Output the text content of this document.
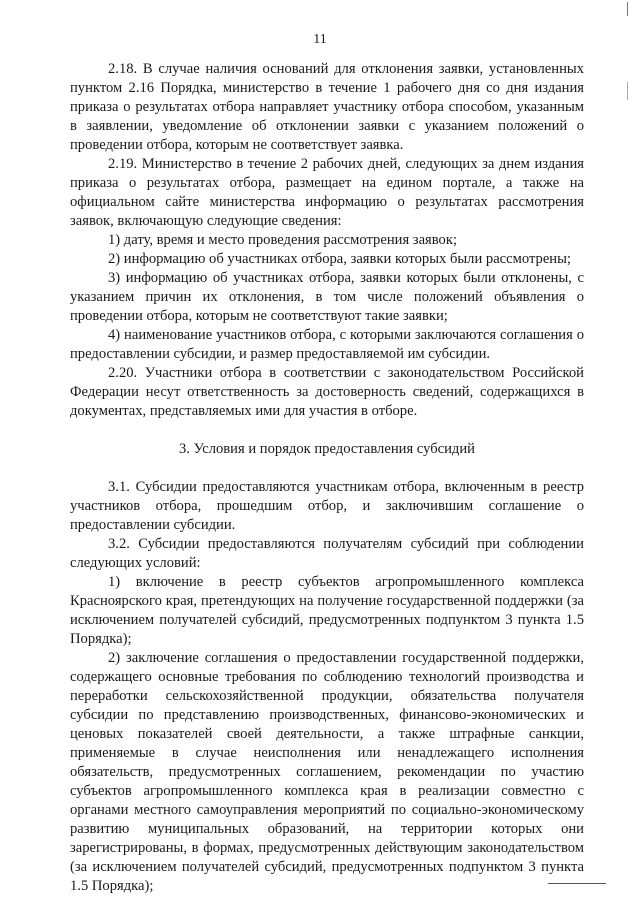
11

2.18. В случае наличия оснований для отклонения заявки, установленных пунктом 2.16 Порядка, министерство в течение 1 рабочего дня со дня издания приказа о результатах отбора направляет участнику отбора способом, указанным в заявлении, уведомление об отклонении заявки с указанием положений о проведении отбора, которым не соответствует заявка.

2.19. Министерство в течение 2 рабочих дней, следующих за днем издания приказа о результатах отбора, размещает на едином портале, а также на официальном сайте министерства информацию о результатах рассмотрения заявок, включающую следующие сведения:

1) дату, время и место проведения рассмотрения заявок;

2) информацию об участниках отбора, заявки которых были рассмотрены;

3) информацию об участниках отбора, заявки которых были отклонены, с указанием причин их отклонения, в том числе положений объявления о проведении отбора, которым не соответствуют такие заявки;

4) наименование участников отбора, с которыми заключаются соглашения о предоставлении субсидии, и размер предоставляемой им субсидии.

2.20. Участники отбора в соответствии с законодательством Российской Федерации несут ответственность за достоверность сведений, содержащихся в документах, представляемых ими для участия в отборе.

3. Условия и порядок предоставления субсидий

3.1. Субсидии предоставляются участникам отбора, включенным в реестр участников отбора, прошедшим отбор, и заключившим соглашение о предоставлении субсидии.

3.2. Субсидии предоставляются получателям субсидий при соблюдении следующих условий:

1) включение в реестр субъектов агропромышленного комплекса Красноярского края, претендующих на получение государственной поддержки (за исключением получателей субсидий, предусмотренных подпунктом 3 пункта 1.5 Порядка);

2) заключение соглашения о предоставлении государственной поддержки, содержащего основные требования по соблюдению технологий производства и переработки сельскохозяйственной продукции, обязательства получателя субсидии по представлению производственных, финансово-экономических и ценовых показателей своей деятельности, а также штрафные санкции, применяемые в случае неисполнения или ненадлежащего исполнения обязательств, предусмотренных соглашением, рекомендации по участию субъектов агропромышленного комплекса края в реализации совместно с органами местного самоуправления мероприятий по социально-экономическому развитию муниципальных образований, на территории которых они зарегистрированы, в формах, предусмотренных действующим законодательством (за исключением получателей субсидий, предусмотренных подпунктом 3 пункта 1.5 Порядка);
